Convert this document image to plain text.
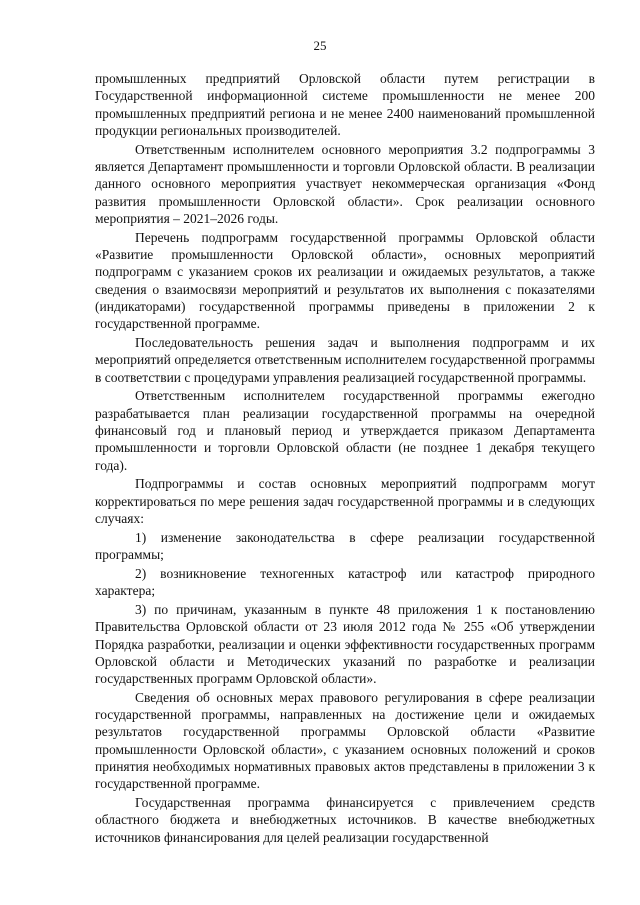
25

промышленных предприятий Орловской области путем регистрации в Государственной информационной системе промышленности не менее 200 промышленных предприятий региона и не менее 2400 наименований промышленной продукции региональных производителей.

Ответственным исполнителем основного мероприятия 3.2 подпрограммы 3 является Департамент промышленности и торговли Орловской области. В реализации данного основного мероприятия участвует некоммерческая организация «Фонд развития промышленности Орловской области». Срок реализации основного мероприятия – 2021–2026 годы.

Перечень подпрограмм государственной программы Орловской области «Развитие промышленности Орловской области», основных мероприятий подпрограмм с указанием сроков их реализации и ожидаемых результатов, а также сведения о взаимосвязи мероприятий и результатов их выполнения с показателями (индикаторами) государственной программы приведены в приложении 2 к государственной программе.

Последовательность решения задач и выполнения подпрограмм и их мероприятий определяется ответственным исполнителем государственной программы в соответствии с процедурами управления реализацией государственной программы.

Ответственным исполнителем государственной программы ежегодно разрабатывается план реализации государственной программы на очередной финансовый год и плановый период и утверждается приказом Департамента промышленности и торговли Орловской области (не позднее 1 декабря текущего года).

Подпрограммы и состав основных мероприятий подпрограмм могут корректироваться по мере решения задач государственной программы и в следующих случаях:

1) изменение законодательства в сфере реализации государственной программы;

2) возникновение техногенных катастроф или катастроф природного характера;

3) по причинам, указанным в пункте 48 приложения 1 к постановлению Правительства Орловской области от 23 июля 2012 года № 255 «Об утверждении Порядка разработки, реализации и оценки эффективности государственных программ Орловской области и Методических указаний по разработке и реализации государственных программ Орловской области».

Сведения об основных мерах правового регулирования в сфере реализации государственной программы, направленных на достижение цели и ожидаемых результатов государственной программы Орловской области «Развитие промышленности Орловской области», с указанием основных положений и сроков принятия необходимых нормативных правовых актов представлены в приложении 3 к государственной программе.

Государственная программа финансируется с привлечением средств областного бюджета и внебюджетных источников. В качестве внебюджетных источников финансирования для целей реализации государственной
